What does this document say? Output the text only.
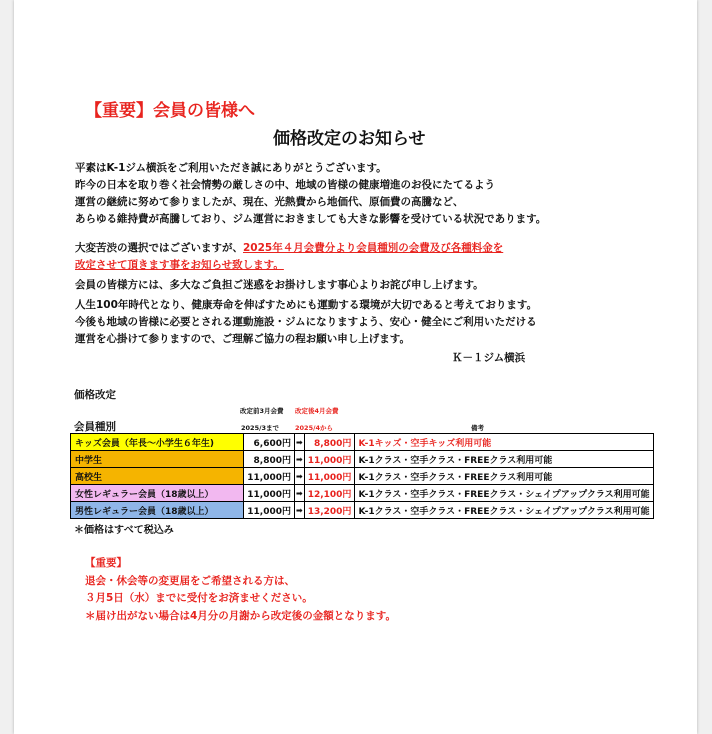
【重要】会員の皆様へ
価格改定のお知らせ
平素はK-1ジム横浜をご利用いただき誠にありがとうございます。
昨今の日本を取り巻く社会情勢の厳しさの中、地域の皆様の健康増進のお役にたてるよう
運営の継続に努めて参りましたが、現在、光熱費から地価代、原価費の高騰など、
あらゆる維持費が高騰しており、ジム運営におきましても大きな影響を受けている状況であります。
大変苦渋の選択ではございますが、2025年４月会費分より会員種別の会費及び各種料金を
改定させて頂きます事をお知らせ致します。
会員の皆様方には、多大なご負担ご迷惑をお掛けします事心よりお詫び申し上げます。
人生100年時代となり、健康寿命を伸ばすためにも運動する環境が大切であると考えております。
今後も地域の皆様に必要とされる運動施設・ジムになりますよう、安心・健全にご利用いただける
運営を心掛けて参りますので、ご理解ご協力の程お願い申し上げます。
Ｋ－１ジム横浜
価格改定
改定前3月会費 改定後4月会費
会員種別	2025/3まで 2025/4から	備考
キッズ会員（年長～小学生６年生)	6,600円	➡	8,800円	K-1キッズ・空手キッズ利用可能
中学生	8,800円	➡	11,000円	K-1クラス・空手クラス・FREEクラス利用可能
高校生	11,000円	➡	11,000円	K-1クラス・空手クラス・FREEクラス利用可能
女性レギュラー会員（18歳以上）	11,000円	➡	12,100円	K-1クラス・空手クラス・FREEクラス・シェイプアップクラス利用可能
男性レギュラー会員（18歳以上）	11,000円	➡	13,200円	K-1クラス・空手クラス・FREEクラス・シェイプアップクラス利用可能
＊価格はすべて税込み
【重要】
退会・休会等の変更届をご希望される方は、
３月5日（水）までに受付をお済ませください。
＊届け出がない場合は4月分の月謝から改定後の金額となります。
